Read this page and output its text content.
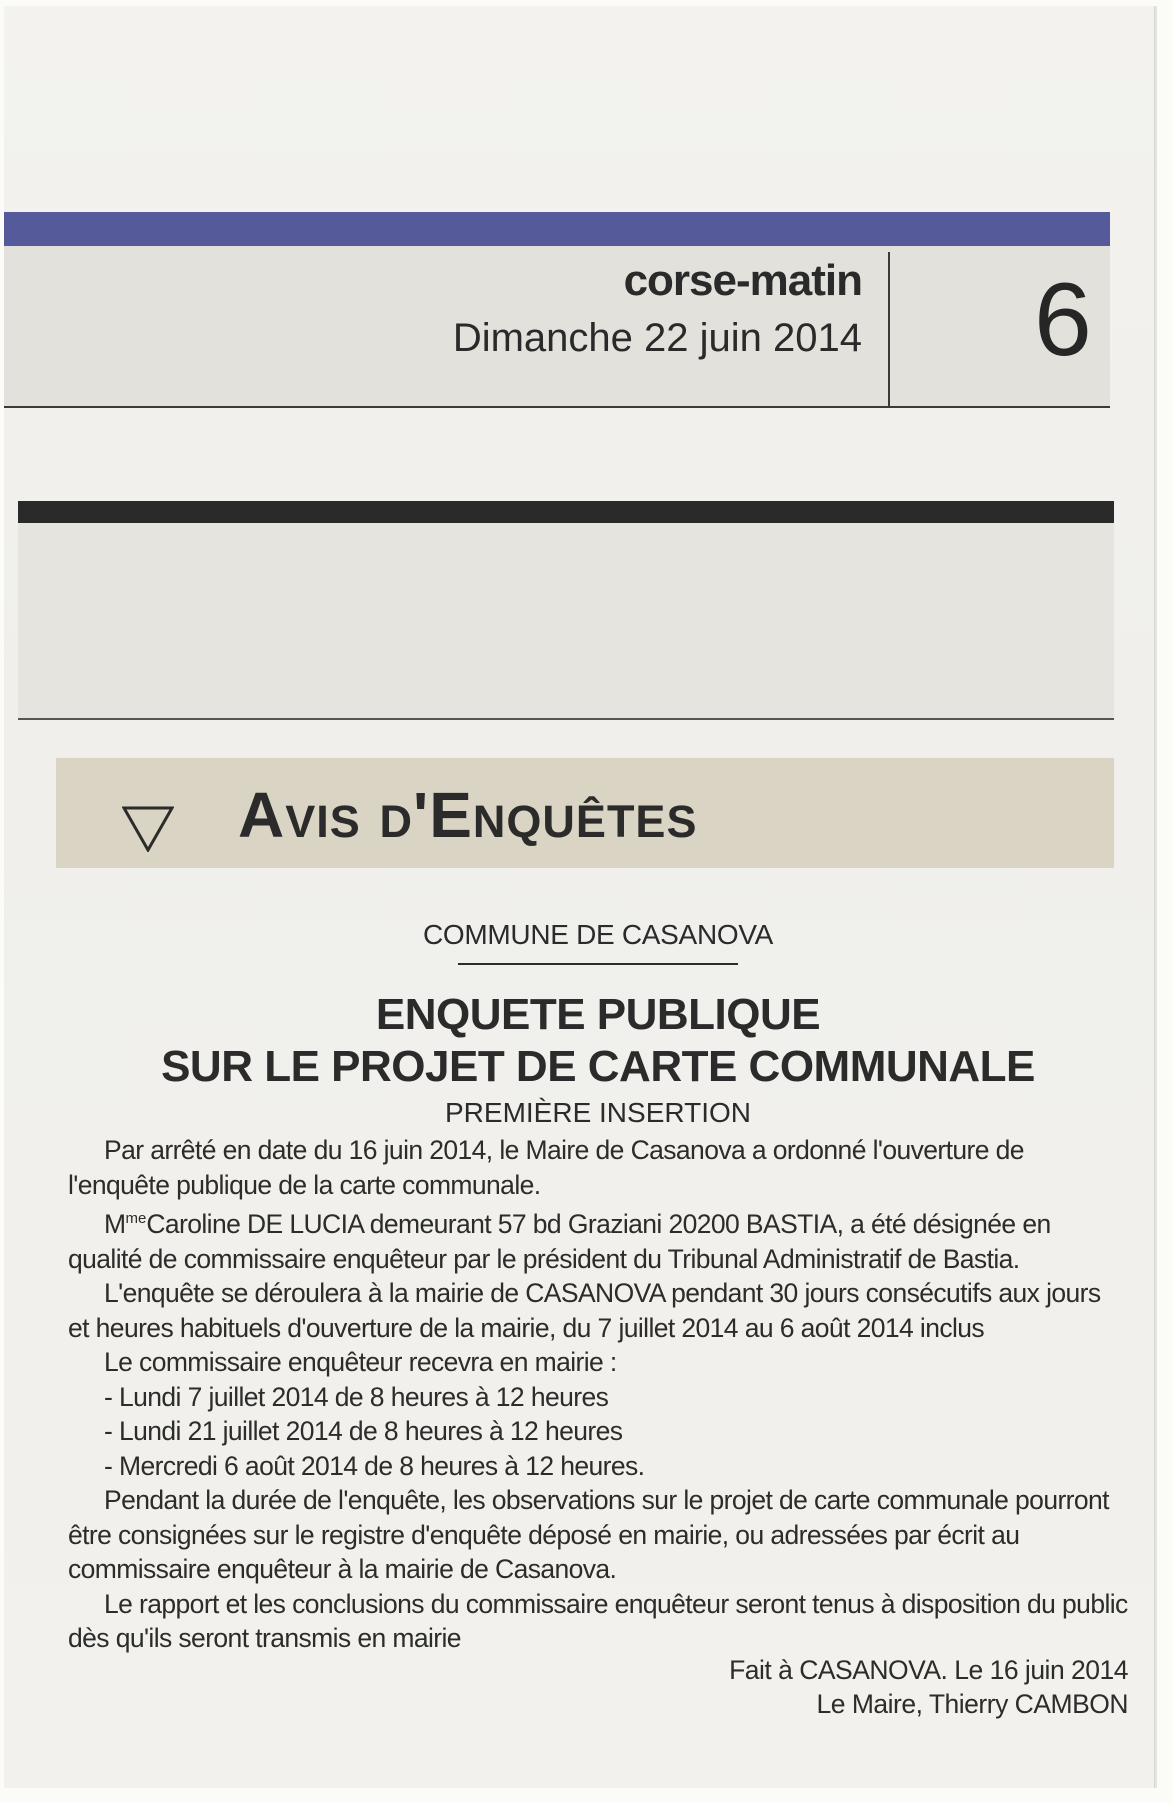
corse-matin
Dimanche 22 juin 2014 6
Avis d'Enquêtes
COMMUNE DE CASANOVA
ENQUETE PUBLIQUE
SUR LE PROJET DE CARTE COMMUNALE
PREMIÈRE INSERTION

Par arrêté en date du 16 juin 2014, le Maire de Casanova a ordonné l'ouverture de l'enquête publique de la carte communale.

$M^{me}Caroline$ DE LUCIA demeurant 57 bd Graziani 20200 BASTIA, a été désignée en qualité de commissaire enquêteur par le président du Tribunal Administratif de Bastia.

L'enquête se déroulera à la mairie de CASANOVA pendant 30 jours consécutifs aux jours et heures habituels d'ouverture de la mairie, du 7 juillet 2014 au 6 août 2014 inclus

Le commissaire enquêteur recevra en mairie :

- Lundi 7 juillet 2014 de 8 heures à 12 heures

- Lundi 21 juillet 2014 de 8 heures à 12 heures

- Mercredi 6 août 2014 de 8 heures à 12 heures.

Pendant la durée de l'enquête, les observations sur le projet de carte communale pourront être consignées sur le registre d'enquête déposé en mairie, ou adressées par écrit au commissaire enquêteur à la mairie de Casanova.

Le rapport et les conclusions du commissaire enquêteur seront tenus à disposition du public dès qu'ils seront transmis en mairie

Fait à CASANOVA. Le 16 juin 2014
Le Maire, Thierry CAMBON
